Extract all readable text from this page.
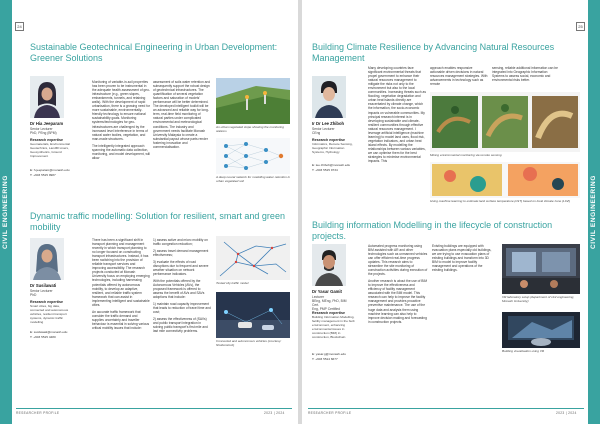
CIVIL ENGINEERING
24
Sustainable Geotechnical Engineering in Urban Development: Greener Solutions
Dr Hia Jeeparam
Senior Lecturer
PhD, PEng (BPM)
Research expertise
Geomaterials, Environmental Geotechnics, Landfill Liners, Geosynthetics, Ground Improvement
E: h.jeeparam@monash.edu
T: +603 5515 9987

Monitoring of variable-in-soil properties has been proven to be instrumental in the adequate health assessment of geo-infrastructure (e.g., green slopes, embankments, tunnels, and retaining walls). With the development of rapid urbanisation, there is a growing need for more sustainable, environmentally-friendly technology to ensure national sustainability goals. Monitoring systems/technologies for geo-infrastructures are challenged by the increased level interference in terms of natural water bodies, vegetation, and man-made structures.

The intelligently integrated approach spanning the automatic data collection, monitoring, and model development, will allow

assessment of soils water retention and subsequently support the robust design of geotechnical infrastructures. The quantification of several vegetation factors and saturation of models’ performance will be better determined. The developed intelligent toolkit will be an advanced and reliable way for long-term, real-time field monitoring of natural parties under complicated environmental and meteorological conditions. The industry and government needs facilitate Monash University Malaysia to create a substantial payout whose parts render fostering innovation and commercialisation.

An urban vegetated slope showing the monitoring stations
A deep neural network for modelling water retention in urban vegetated soil
Dynamic traffic modelling: Solution for resilient, smart and green mobility
Dr Susilawati
Senior Lecturer
PhD
Research expertise
Smart cities, big data, connected and autonomous vehicles, resilient transport systems, dynamic traffic modelling
E: susilawati@monash.edu
T: +603 5515 4480

There has been a significant shift in transport planning and management recently in which transport planning to no longer focused on constructing transport infrastructures. Instead, it has been switching into the provision of reliable transport services and improving accessibility. The research projects conducted at Monash University focus on employing emerging technologies, including harnessing potentials offered by autonomous mobility, to develop an adaptive, resilient, and reliable traffic system framework that can assist in implementing intelligent and sustainable cities.

An accurate traffic framework that consider the traffic demand and supplies uncertainty and traveller behaviour is essential in solving various critical mobility issues that include:

1) assess active and micro mobility on traffic congestion reduction;

2) assess travel demand management effectiveness;

3) evaluate the effects of road disruptions due to frequent and severe weather situation on network performance indicators.

With the potentials offered by the Autonomous Vehicles (AVs), the proposed framework is offered to assess the benefit of AVs and SAVs adoptions that include:

1) maintain road capacity improvement that leads to reduction of travel time and cost;

2) assess the effectiveness of (SAVs) and public transport integration in solving public transport's first mile and last mile connectivity problems.

Tested city traffic model
Connected and autonomous vehicles (courtesy: Shutterstock)
RESEARCHER PROFILE	2023 | 2024
CIVIL ENGINEERING
25
Building Climate Resilience by Advancing Natural Resources Management
Ir Dr Lee Zhiboh
Senior Lecturer
CEng
Research expertise
Informatics, Remote Sensing, Geographic Information Systems, Hydrology
E: lee.zhiboh@monash.edu
T: +603 5515 9734

Many developing countries face significant environmental threats that propel government to enhance their natural resources management to mitigate the risks not only to the environment but also to the local communities. Increasing threats such as flooding, vegetation degradation and urban heat islands directly are exacerbated by climate change, which the information, the socio-economic impacts on vulnerable communities. My principal research interest is in developing sustainable and climate-resilient communities through effective natural resources management. I leverage artificial intelligence (machine learning) to model land uses, flood risk, vegetation indicators, and urban heat island effects. By modelling the relationships between various variables, we can optimise them for the best strategies to minimise environmental impacts. This

approach enables responsive actionable driven decisions in natural resources management strategies. With advancements in technology such as remote

sensing, reliable additional information can be integrated into Geographic Information Systems to assess social, economic and environmental risks better.

Mining environmental monitoring via remote sensing
Using machine learning to estimate land surface temperature (LST) based on local climate zone (LCZ)
Building information Modelling in the lifecycle of construction projects.
Dr Yasar Gamit
Lecturer
BEng, MEng, PhD, BIM Cert.
Eng, PMP Certified
Research expertise
Building Information Modelling, facility management in the built environment, enhancing environmental issues in construction (BIM) in construction, Blockchain
E: yasar.g@monash.edu
T: +603 5514 6677

Automated progress monitoring using BIM assisted with AR and other technologies such as unmanned vehicles can offer efficient real-time progress updates. This research aims to streamline the site monitoring of construction activities during execution of the projects.

Another research is about the use of BIM to improve the effectiveness and efficiency of facility management associated with the BIM model. This research can help to improve the facility management and provides proactive preventive maintenance. The use of the huge data and analysis them using machine learning can also help to improve decision making and forecasting in construction projects.

Existing buildings are equipped with evacuation plans especially old buildings, we are trying to use evacuation plans of existing buildings and transform into 3D BIM to model to improve facility management and operations of the existing buildings.

VR laboratory setup (department of civil engineering, Monash University)
Building visualisation using VR
RESEARCHER PROFILE	2023 | 2024
